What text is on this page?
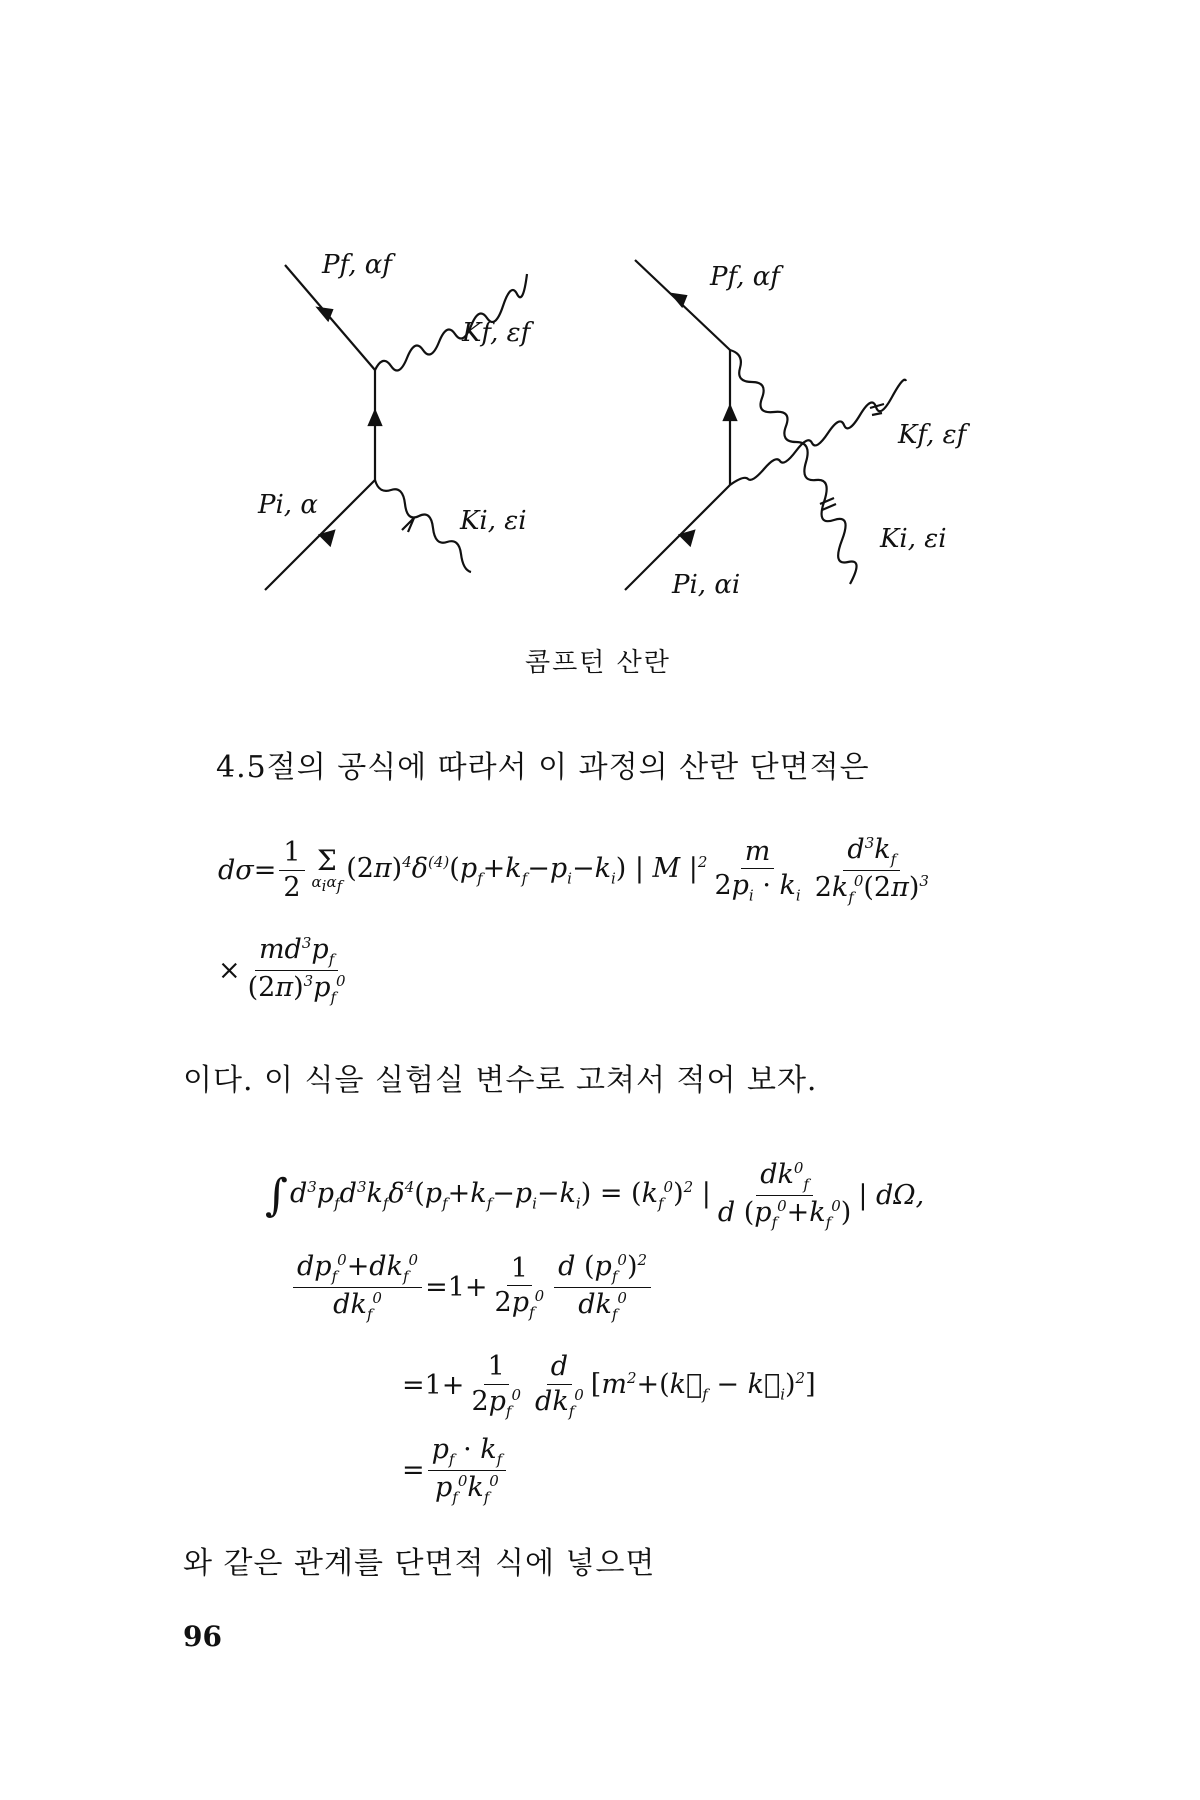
Pf, αf
Kf, εf
Pi, α
Ki, εi
Pf, αf
Kf, εf
Pi, αi
Ki, εi
콤프턴 산란
4.5절의 공식에 따라서 이 과정의 산란 단면적은
$d\sigma= \frac{1}{2}$ Σ
$\alpha_i\alpha_f$
$(2\pi)^4\delta^{(4)}(p_f+k_f-p_i-k_i)$ | M $|^2 \frac{m}{2p_i \cdot k_i} \frac{d^3k_f}{2k_f^0(2\pi)^3}$
× $\frac{md^3p_f}{(2\pi)^3p_f^0}$
이다. 이 식을 실험실 변수로 고쳐서 적어 보자.
∫ $d^3p_fd^3k_f\delta^4(p_f+k_f-p_i-k_i) = (k_f^0)^2$ | $\frac{dk^0_f}{d (p_f^0+k_f^0)}$ | dΩ,
$\frac{dp_f^0+dk_f^0}{dk_f^0} =1+ \frac{1}{2p_f^0} \frac{d (p_f^0)^2}{dk_f^0}$
$=1+ \frac{1}{2p_f^0} \frac{d}{dk_f^0}$ [$m^2+(k⃗_f$ − $k⃗_i)^2$]
= $\frac{p_f \cdot k_f}{p_f^0k_f^0}$
와 같은 관계를 단면적 식에 넣으면
96
